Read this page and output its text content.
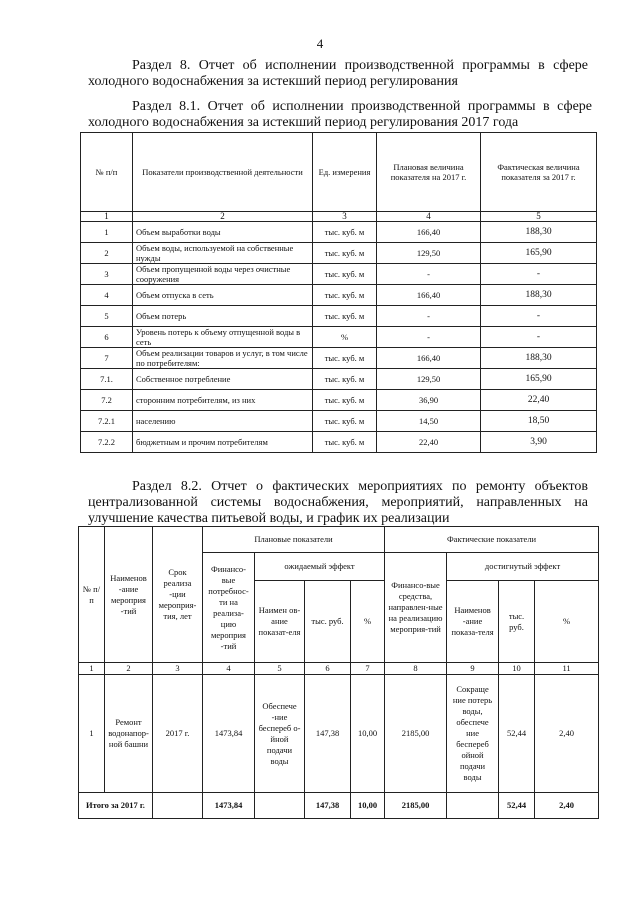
4
Раздел 8. Отчет об исполнении производственной программы в сфере холодного водоснабжения за истекший период регулирования
Раздел 8.1. Отчет об исполнении производственной программы в сфере холодного водоснабжения за истекший период регулирования 2017 года
№ п/п	Показатели производственной деятельности	Ед. измерения	Плановая величина показателя на 2017 г.	Фактическая величина показателя за 2017 г.
1	2	3	4	5
1	Объем выработки воды	тыс. куб. м	166,40	188,30
2	Объем воды, используемой на собственные нужды	тыс. куб. м	129,50	165,90
3	Объем пропущенной воды через очистные сооружения	тыс. куб. м	-	-
4	Объем отпуска в сеть	тыс. куб. м	166,40	188,30
5	Объем потерь	тыс. куб. м	-	-
6	Уровень потерь к объему отпущенной воды в сеть	%	-	-
7	Объем реализации товаров и услуг, в том числе по потребителям:	тыс. куб. м	166,40	188,30
7.1.	Собственное потребление	тыс. куб. м	129,50	165,90
7.2	сторонним потребителям, из них	тыс. куб. м	36,90	22,40
7.2.1	населению	тыс. куб. м	14,50	18,50
7.2.2	бюджетным и прочим потребителям	тыс. куб. м	22,40	3,90
Раздел 8.2. Отчет о фактических мероприятиях по ремонту объектов централизованной системы водоснабжения, мероприятий, направленных на улучшение качества питьевой воды, и график их реализации
№ п/п	Наименов -ание мероприя -тий	Срок реализа -ции мероприя-тия, лет	Плановые показатели				Фактические показатели			
			Финансо-вые потребнос-ти на реализа-цию мероприя -тий	ожидаемый эффект			Финансо-вые средства, направлен-ные на реализацию мероприя-тий	достигнутый эффект		
				Наимен ов-ание показат-еля	тыс. руб.	%		Наименов -ание показа-теля	тыс. руб.	%
1	2	3	4	5	6	7	8	9	10	11
1	Ремонт водонапор-ной башни	2017 г.	1473,84	Обеспече -ние беспереб о-йной подачи воды	147,38	10,00	2185,00	Сокраще ние потерь воды, обеспече ние беспереб ойной подачи воды	52,44	2,40
Итого за 2017 г.			1473,84		147,38	10,00	2185,00		52,44	2,40
